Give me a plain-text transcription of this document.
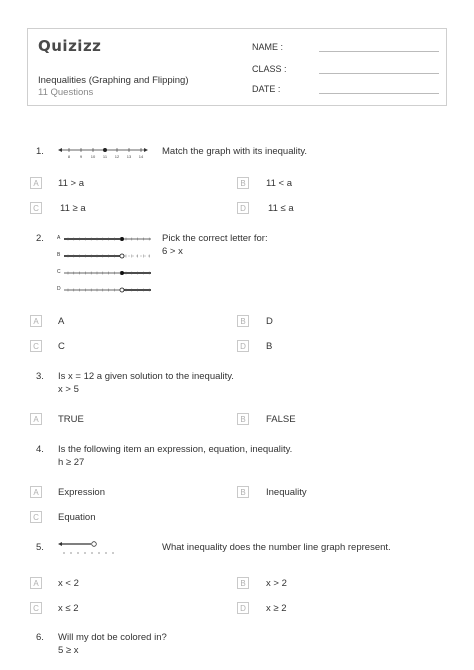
Quizizz
Inequalities (Graphing and Flipping)
11 Questions
NAME :
CLASS :
DATE :
1.	8 9 10 11 12 13 14 Match the graph with its inequality.
A	11 > a	B	11 < a
C	11 ≥ a	D	11 ≤ a
2.	A
B
C
D
Pick the correct letter for:
6 > x
A	A	B	D
C	C	D	B
3. Is x = 12 a given solution to the inequality.
x > 5
A	TRUE	B	FALSE
4. Is the following item an expression, equation, inequality.
h ≥ 27
A	Expression	B	Inequality
C	Equation
5.	What inequality does the number line graph represent.
A	x < 2	B	x > 2
C	x ≤ 2	D	x ≥ 2
6. Will my dot be colored in?
5 ≥ x
